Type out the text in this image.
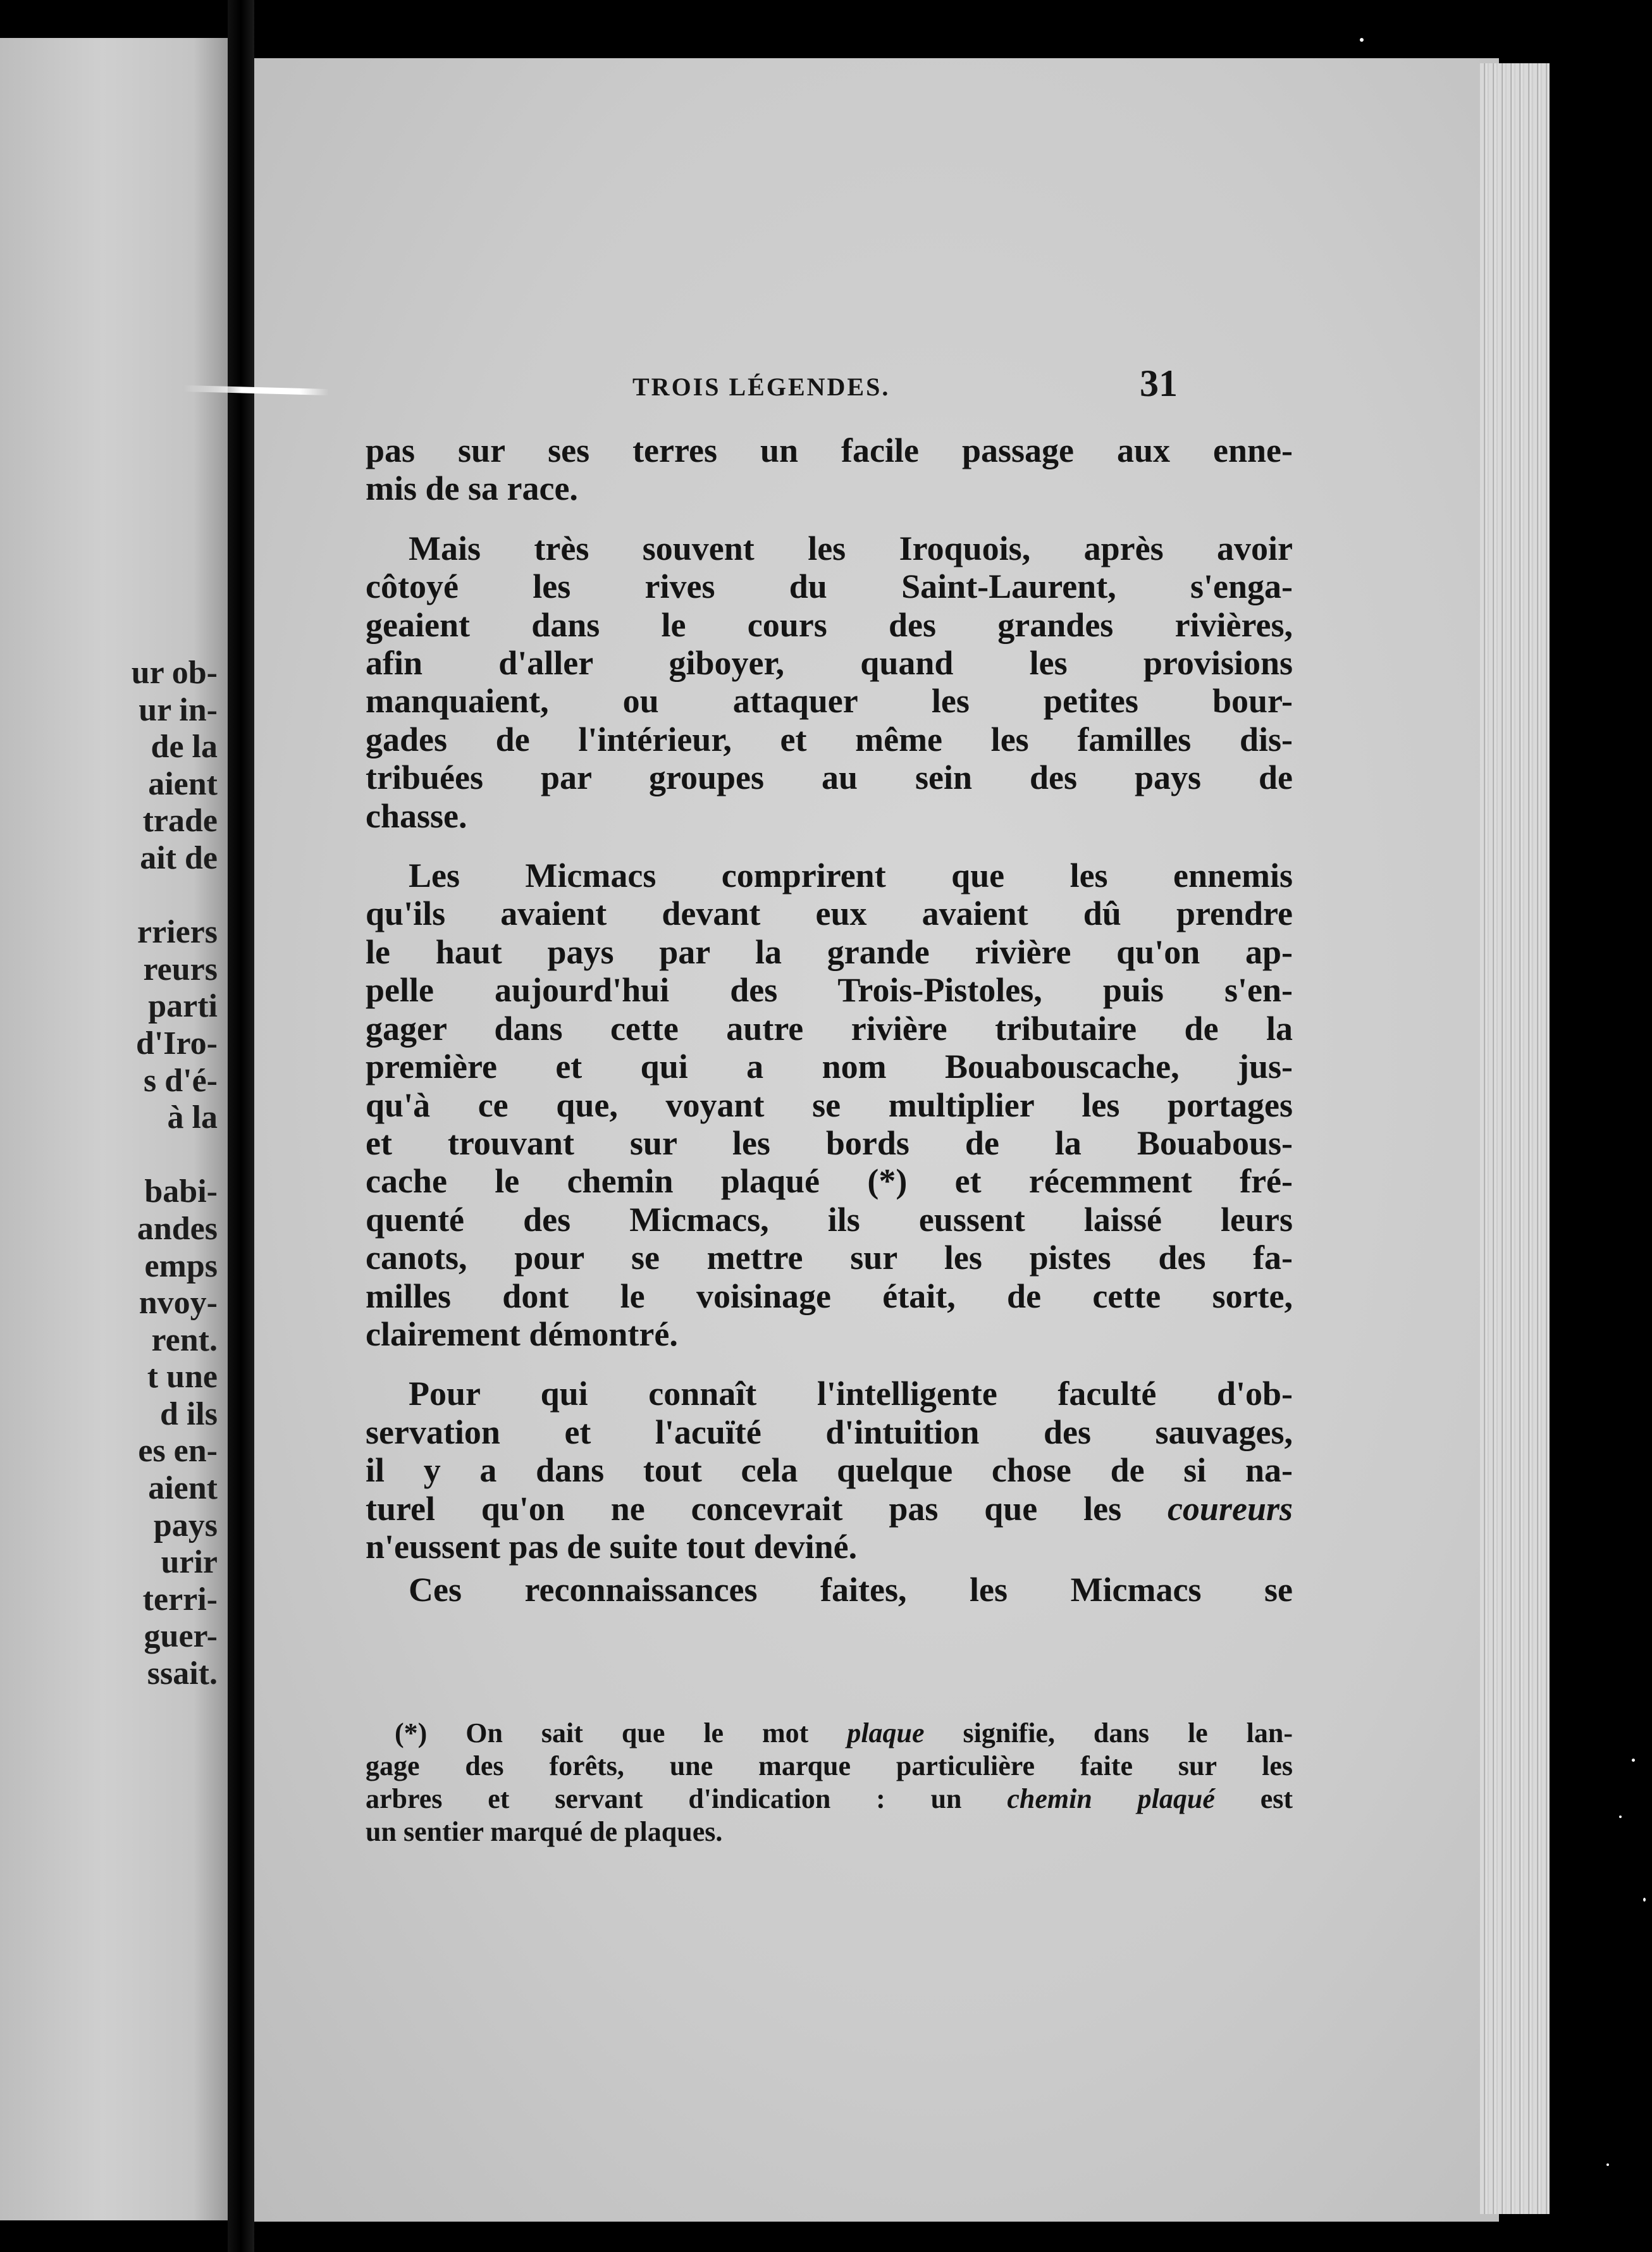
ur ob-
ur in-
de la
aient
trade
ait de
rriers
reurs
parti
d'Iro-
s d'é-
à la
babi-
andes
emps
nvoy-
rent.
t une
d ils
es en-
aient
pays
urir
terri-
guer-
ssait.
TROIS LÉGENDES.	31
pas sur ses terres un facile passage aux enne-
mis de sa race.
Mais très souvent les Iroquois, après avoir
côtoyé les rives du Saint-Laurent, s'enga-
geaient dans le cours des grandes rivières,
afin d'aller giboyer, quand les provisions
manquaient, ou attaquer les petites bour-
gades de l'intérieur, et même les familles dis-
tribuées par groupes au sein des pays de
chasse.
Les Micmacs comprirent que les ennemis
qu'ils avaient devant eux avaient dû prendre
le haut pays par la grande rivière qu'on ap-
pelle aujourd'hui des Trois-Pistoles, puis s'en-
gager dans cette autre rivière tributaire de la
première et qui a nom Bouabouscache, jus-
qu'à ce que, voyant se multiplier les portages
et trouvant sur les bords de la Bouabous-
cache le chemin plaqué (*) et récemment fré-
quenté des Micmacs, ils eussent laissé leurs
canots, pour se mettre sur les pistes des fa-
milles dont le voisinage était, de cette sorte,
clairement démontré.
Pour qui connaît l'intelligente faculté d'ob-
servation et l'acuïté d'intuition des sauvages,
il y a dans tout cela quelque chose de si na-
turel qu'on ne concevrait pas que les coureurs
n'eussent pas de suite tout deviné.
Ces reconnaissances faites, les Micmacs se
(*) On sait que le mot plaque signifie, dans le lan-
gage des forêts, une marque particulière faite sur les
arbres et servant d'indication : un chemin plaqué est
un sentier marqué de plaques.
